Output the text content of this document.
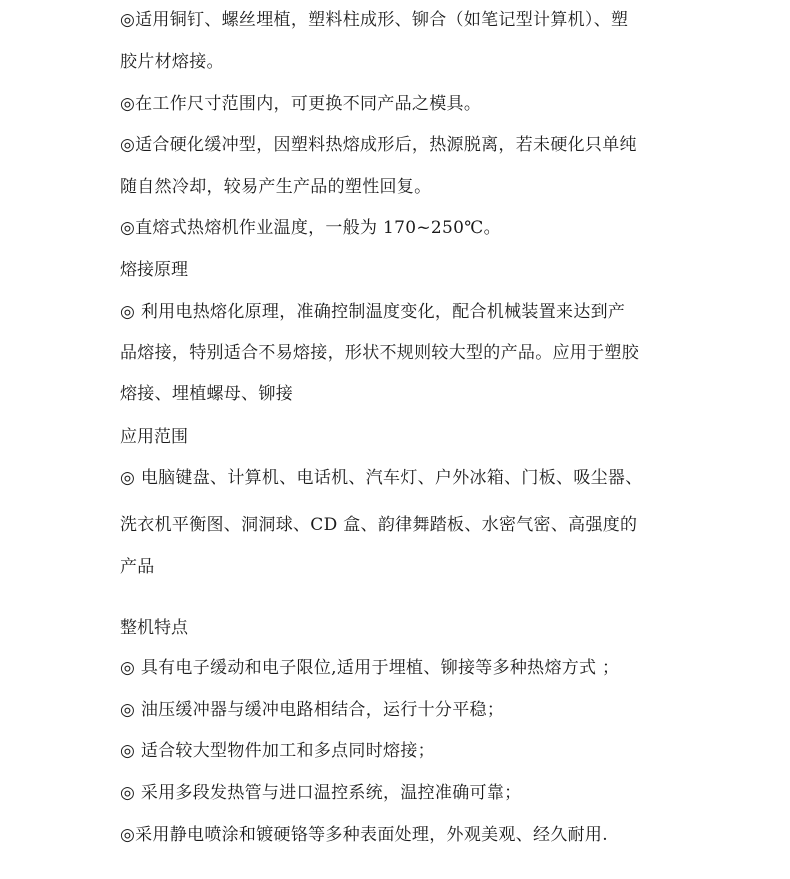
◎适用铜钉、螺丝埋植，塑料柱成形、铆合（如笔记型计算机）、塑
胶片材熔接。
◎在工作尺寸范围内，可更换不同产品之模具。
◎适合硬化缓冲型，因塑料热熔成形后，热源脱离，若未硬化只单纯
随自然冷却，较易产生产品的塑性回复。
◎直熔式热熔机作业温度，一般为 170~250℃。
熔接原理
◎ 利用电热熔化原理，准确控制温度变化，配合机械装置来达到产
品熔接，特别适合不易熔接，形状不规则较大型的产品。应用于塑胶
熔接、埋植螺母、铆接
应用范围
◎ 电脑键盘、计算机、电话机、汽车灯、户外冰箱、门板、吸尘器、
洗衣机平衡图、洞洞球、CD 盒、韵律舞踏板、水密气密、高强度的
产品
整机特点
◎ 具有电子缓动和电子限位,适用于埋植、铆接等多种热熔方式 ；
◎ 油压缓冲器与缓冲电路相结合，运行十分平稳；
◎ 适合较大型物件加工和多点同时熔接；
◎ 采用多段发热管与进口温控系统，温控准确可靠；
◎采用静电喷涂和镀硬铬等多种表面处理，外观美观、经久耐用.
